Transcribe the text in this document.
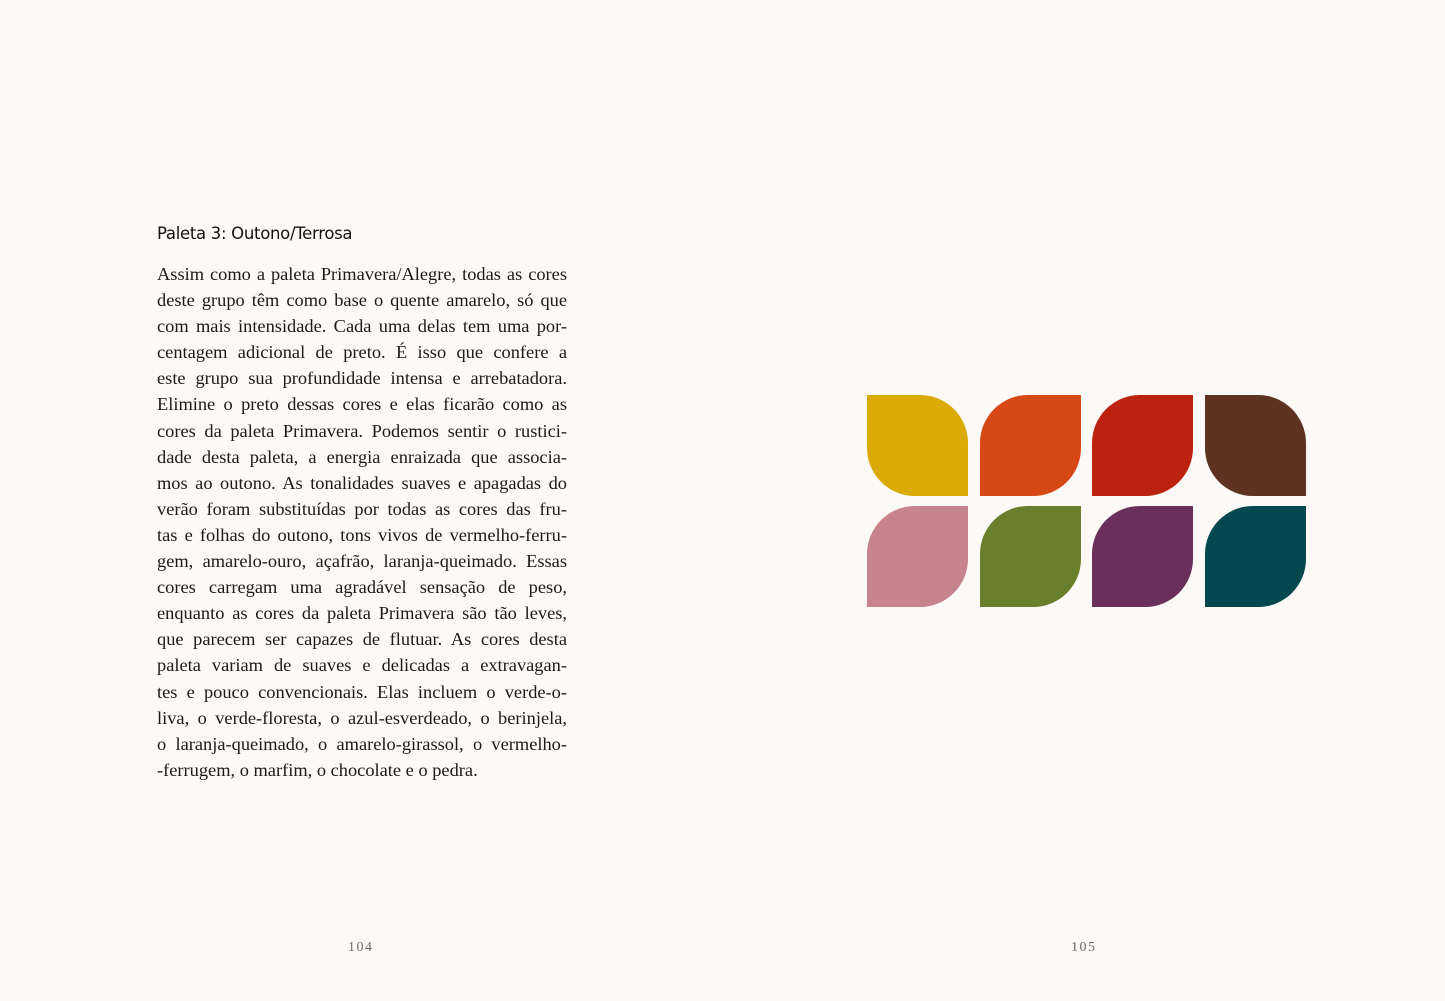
Paleta 3: Outono/Terrosa
Assim como a paleta Primavera/Alegre, todas as cores
deste grupo têm como base o quente amarelo, só que
com mais intensidade. Cada uma delas tem uma por-
centagem adicional de preto. É isso que confere a
este grupo sua profundidade intensa e arrebatadora.
Elimine o preto dessas cores e elas ficarão como as
cores da paleta Primavera. Podemos sentir o rustici-
dade desta paleta, a energia enraizada que associa-
mos ao outono. As tonalidades suaves e apagadas do
verão foram substituídas por todas as cores das fru-
tas e folhas do outono, tons vivos de vermelho-ferru-
gem, amarelo-ouro, açafrão, laranja-queimado. Essas
cores carregam uma agradável sensação de peso,
enquanto as cores da paleta Primavera são tão leves,
que parecem ser capazes de flutuar. As cores desta
paleta variam de suaves e delicadas a extravagan-
tes e pouco convencionais. Elas incluem o verde-o-
liva, o verde-floresta, o azul-esverdeado, o berinjela,
o laranja-queimado, o amarelo-girassol, o vermelho-
-ferrugem, o marfim, o chocolate e o pedra.
104	105
